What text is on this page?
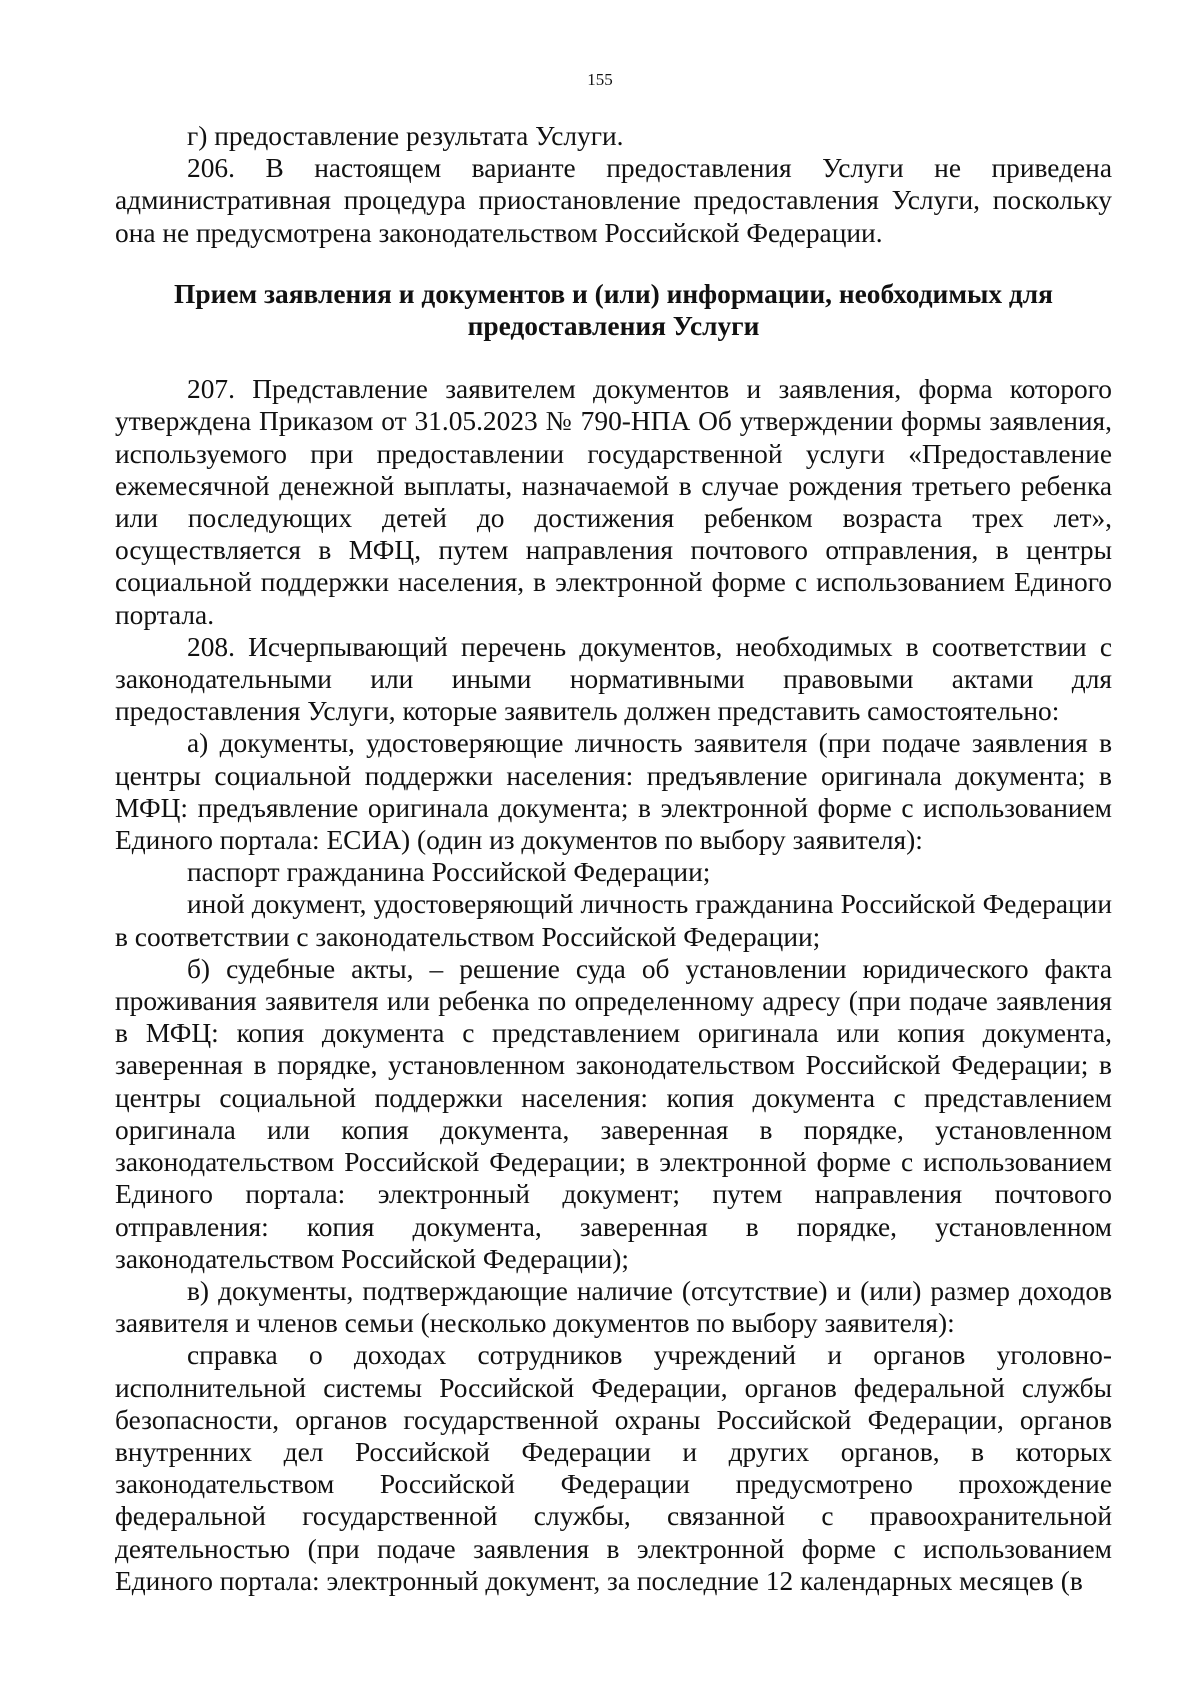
155

г) предоставление результата Услуги.

206. В настоящем варианте предоставления Услуги не приведена административная процедура приостановление предоставления Услуги, поскольку она не предусмотрена законодательством Российской Федерации.

Прием заявления и документов и (или) информации, необходимых для
предоставления Услуги

207. Представление заявителем документов и заявления, форма которого утверждена Приказом от 31.05.2023 № 790-НПА Об утверждении формы заявления, используемого при предоставлении государственной услуги «Предоставление ежемесячной денежной выплаты, назначаемой в случае рождения третьего ребенка или последующих детей до достижения ребенком возраста трех лет», осуществляется в МФЦ, путем направления почтового отправления, в центры социальной поддержки населения, в электронной форме с использованием Единого портала.

208. Исчерпывающий перечень документов, необходимых в соответствии с законодательными или иными нормативными правовыми актами для предоставления Услуги, которые заявитель должен представить самостоятельно:

а) документы, удостоверяющие личность заявителя (при подаче заявления в центры социальной поддержки населения: предъявление оригинала документа; в МФЦ: предъявление оригинала документа; в электронной форме с использованием Единого портала: ЕСИА) (один из документов по выбору заявителя):

паспорт гражданина Российской Федерации;

иной документ, удостоверяющий личность гражданина Российской Федерации в соответствии с законодательством Российской Федерации;

б) судебные акты, – решение суда об установлении юридического факта проживания заявителя или ребенка по определенному адресу (при подаче заявления в МФЦ: копия документа с представлением оригинала или копия документа, заверенная в порядке, установленном законодательством Российской Федерации; в центры социальной поддержки населения: копия документа с представлением оригинала или копия документа, заверенная в порядке, установленном законодательством Российской Федерации; в электронной форме с использованием Единого портала: электронный документ; путем направления почтового отправления: копия документа, заверенная в порядке, установленном законодательством Российской Федерации);

в) документы, подтверждающие наличие (отсутствие) и (или) размер доходов заявителя и членов семьи (несколько документов по выбору заявителя):

справка о доходах сотрудников учреждений и органов уголовно-исполнительной системы Российской Федерации, органов федеральной службы безопасности, органов государственной охраны Российской Федерации, органов внутренних дел Российской Федерации и других органов, в которых законодательством Российской Федерации предусмотрено прохождение федеральной государственной службы, связанной с правоохранительной деятельностью (при подаче заявления в электронной форме с использованием Единого портала: электронный документ, за последние 12 календарных месяцев (в
